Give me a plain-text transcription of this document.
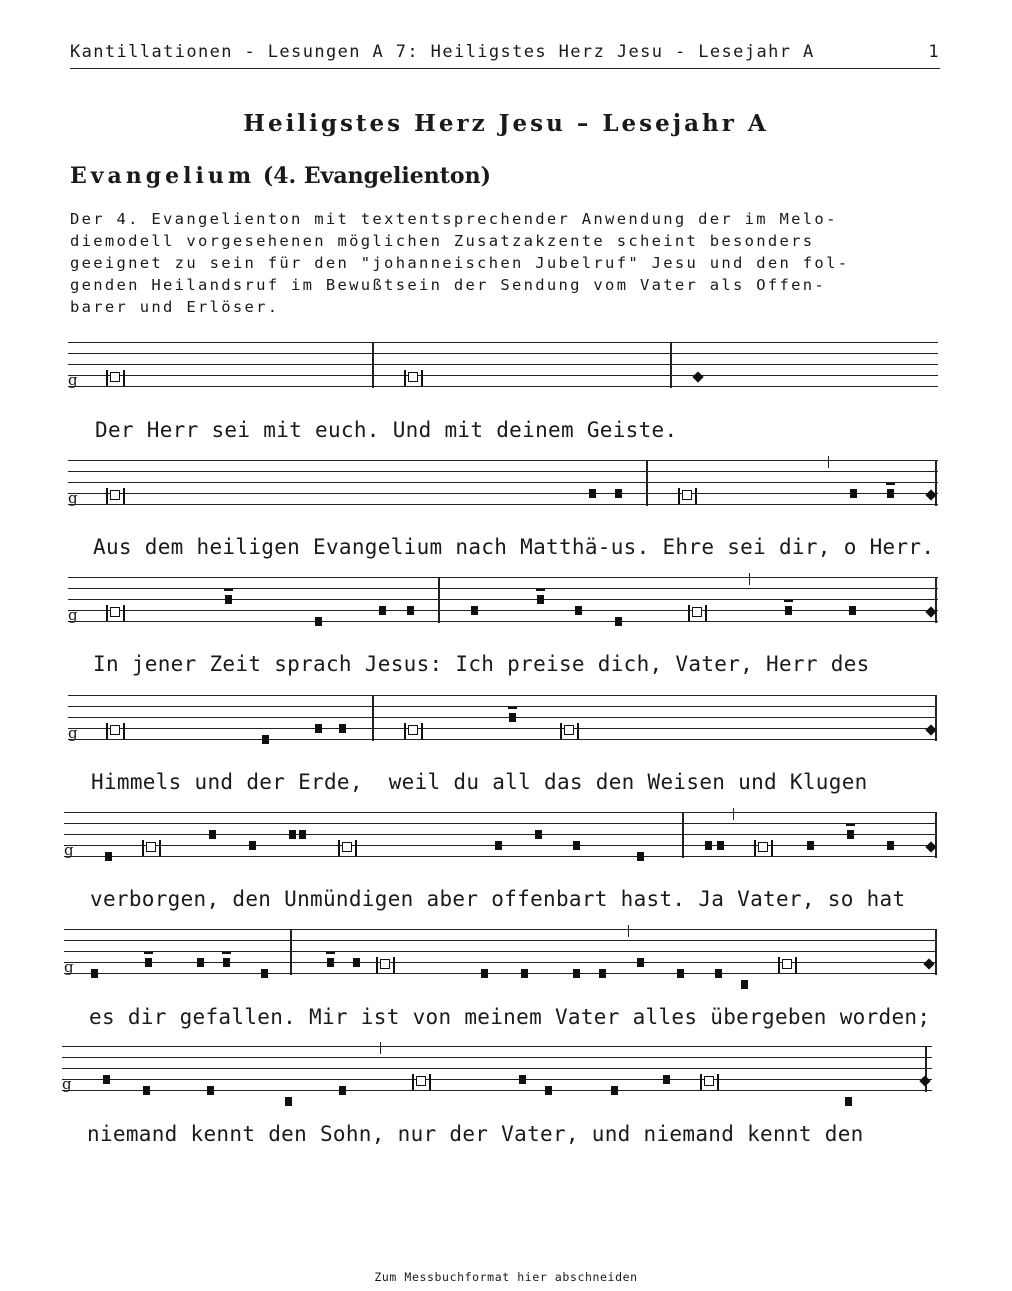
Kantillationen - Lesungen A 7: Heiligstes Herz Jesu - Lesejahr A	1
Heiligstes Herz Jesu – Lesejahr A
Evangelium (4. Evangelienton)
Der 4. Evangelienton mit textentsprechender Anwendung der im Melo-
diemodell vorgesehenen möglichen Zusatzakzente scheint besonders
geeignet zu sein für den "johanneischen Jubelruf" Jesu und den fol-
genden Heilandsruf im Bewußtsein der Sendung vom Vater als Offen-
barer und Erlöser.
g
Der Herr sei mit euch. Und mit deinem Geiste.
g
Aus dem heiligen Evangelium nach Matthä-us. Ehre sei dir, o Herr.
g
In jener Zeit sprach Jesus: Ich preise dich, Vater, Herr des
g
Himmels und der Erde,  weil du all das den Weisen und Klugen
g
verborgen, den Unmündigen aber offenbart hast. Ja Vater, so hat
g
es dir gefallen. Mir ist von meinem Vater alles übergeben worden;
g
niemand kennt den Sohn, nur der Vater, und niemand kennt den
Zum Messbuchformat hier abschneiden
